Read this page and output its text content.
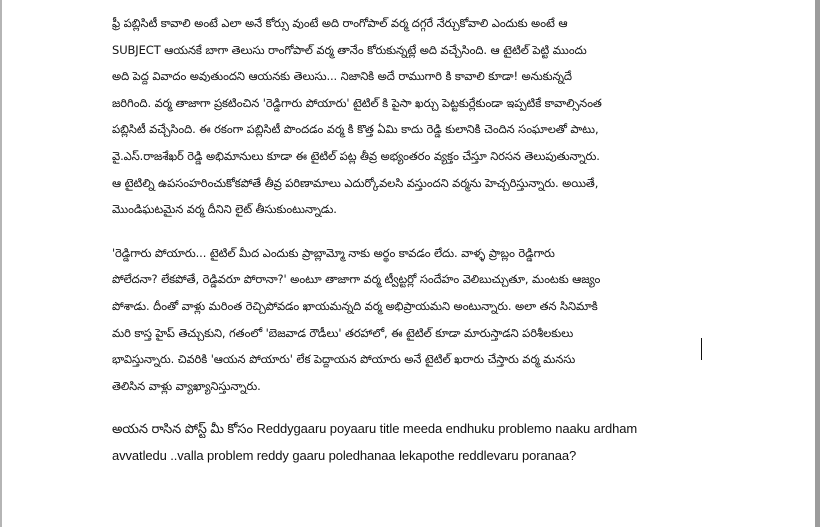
ఫ్రీ పబ్లిసిటీ కావాలి అంటే ఎలా అనే కోర్సు వుంటే అది రాంగోపాల్ వర్మ దగ్గరే నేర్చుకోవాలి ఎందుకు అంటే ఆ

SUBJECT ఆయనకే బాగా తెలుసు రాంగోపాల్ వర్మ తానేం కోరుకున్నట్లే అది వచ్చేసింది. ఆ టైటిల్ పెట్టి ముందు

అది పెద్ద వివాదం అవుతుందని ఆయనకు తెలుసు... నిజానికి అదే రాముగారి కి కావాలి కూడా! అనుకున్నదే

జరిగింది. వర్మ తాజాగా ప్రకటించిన 'రెడ్డిగారు పోయారు' టైటిల్ కి పైసా ఖర్చు పెట్టకుర్లేకుండా ఇప్పటికే కావాల్సినంత

పబ్లిసిటీ వచ్చేసింది. ఈ రకంగా పబ్లిసిటీ పొందడం వర్మ కి కొత్త ఏమి కాదు రెడ్డి కులానికి చెందిన సంఘాలతో పాటు,

వై.ఎస్.రాజశేఖర్ రెడ్డి అభిమానులు కూడా ఈ టైటిల్ పట్ల తీవ్ర అభ్యంతరం వ్యక్తం చేస్తూ నిరసన తెలుపుతున్నారు.

ఆ టైటిల్ని ఉపసంహరించుకోకపోతే తీవ్ర పరిణామాలు ఎదుర్కోవలసి వస్తుందని వర్మను హెచ్చరిస్తున్నారు. అయితే,

మొండిఘటమైన వర్మ దీనిని లైట్ తీసుకుంటున్నాడు.

'రెడ్డిగారు పోయారు... టైటిల్ మీద ఎందుకు ప్రాబ్లామ్మో నాకు అర్థం కావడం లేదు. వాళ్ళ ప్రాబ్లం రెడ్డిగారు

పోలేదనా? లేకపోతే, రెడ్డివరూ పోరానా?' అంటూ తాజాగా వర్మ ట్వీట్టర్లో సందేహం వెలిబుచ్చుతూ, మంటకు ఆజ్యం

పోశాడు. దీంతో వాళ్లు మరింత రెచ్చిపోవడం ఖాయమన్నది వర్మ అభిప్రాయమని అంటున్నారు. అలా తన సినిమాకి

మరి కాస్త హైప్ తెచ్చుకుని, గతంలో 'బెజవాడ రౌడీలు' తరహాలో, ఈ టైటిల్ కూడా మారుస్తాడని పరిశీలకులు

భావిస్తున్నారు. చివరికి 'ఆయన పోయారు' లేక పెద్దాయన పోయారు అనే టైటిల్ ఖరారు చేస్తారు వర్మ మనసు

తెలిసిన వాళ్లు వ్యాఖ్యానిస్తున్నారు.

అయన రాసిన పోస్ట్ మీ కోసం Reddygaaru poyaaru title meeda endhuku problemo naaku ardham

avvatledu ..valla problem reddy gaaru poledhanaa lekapothe reddlevaru poranaa?
